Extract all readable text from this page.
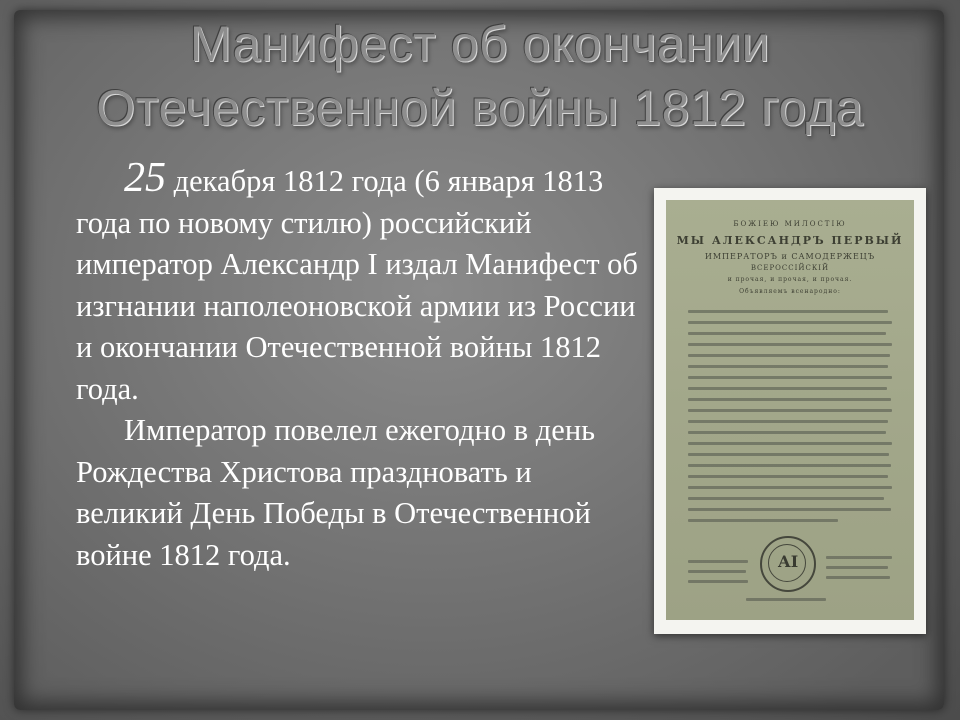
Манифест об окончании
Отечественной войны 1812 года

25 декабря 1812 года (6 января 1813 года по новому стилю) российский император Александр I издал Манифест об изгнании наполеоновской армии из России и окончании Отечественной войны 1812 года.

Император повелел ежегодно в день Рождества Христова праздновать и великий День Победы в Отечественной войне 1812 года.

БОЖІЕЮ МИЛОСТІЮ
МЫ АЛЕКСАНДРЪ ПЕРВЫЙ
ИМПЕРАТОРЪ и САМОДЕРЖЕЦЪ
ВСЕРОССІЙСКІЙ
и прочая, и прочая, и прочая.
Объявляемъ всенародно:
АI
